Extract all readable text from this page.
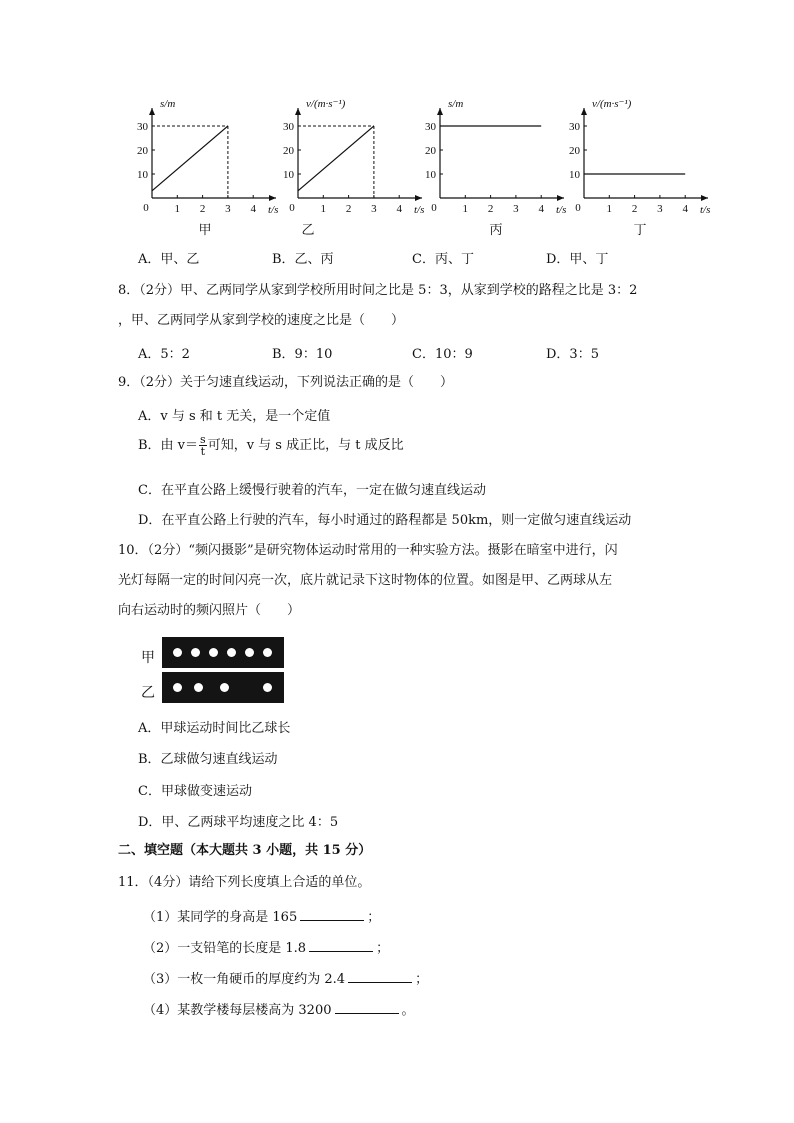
0 1 2 3 4
10
20
30
s/m
t/s
甲
0 1 2 3 4
10
20
30
v/(m·s⁻¹)
t/s
乙
0 1 2 3 4
10
20
30
s/m
t/s
丙
0 1 2 3 4
10
20
30
v/(m·s⁻¹)
t/s
丁
A．甲、乙	B．乙、丙	C．丙、丁	D．甲、丁
8．（2分）甲、乙两同学从家到学校所用时间之比是 5：3，从家到学校的路程之比是 3：2
，甲、乙两同学从家到学校的速度之比是（　　）
A．5：2	B．9：10	C．10：9	D．3：5
9．（2分）关于匀速直线运动，下列说法正确的是（　　）
A．v 与 s 和 t 无关，是一个定值
B．由 $v= \frac{s}{t}$ 可知，v 与 s 成正比，与 t 成反比
C．在平直公路上缓慢行驶着的汽车，一定在做匀速直线运动
D．在平直公路上行驶的汽车，每小时通过的路程都是 50km，则一定做匀速直线运动
10．（2分）“频闪摄影”是研究物体运动时常用的一种实验方法。摄影在暗室中进行，闪
光灯每隔一定的时间闪亮一次，底片就记录下这时物体的位置。如图是甲、乙两球从左
向右运动时的频闪照片（　　）
甲
乙
A．甲球运动时间比乙球长
B．乙球做匀速直线运动
C．甲球做变速运动
D．甲、乙两球平均速度之比 4：5
二、填空题（本大题共 3 小题，共 15 分）
11．（4分）请给下列长度填上合适的单位。
（1）某同学的身高是 165	；
（2）一支铅笔的长度是 1.8	；
（3）一枚一角硬币的厚度约为 2.4	；
（4）某教学楼每层楼高为 3200	。
